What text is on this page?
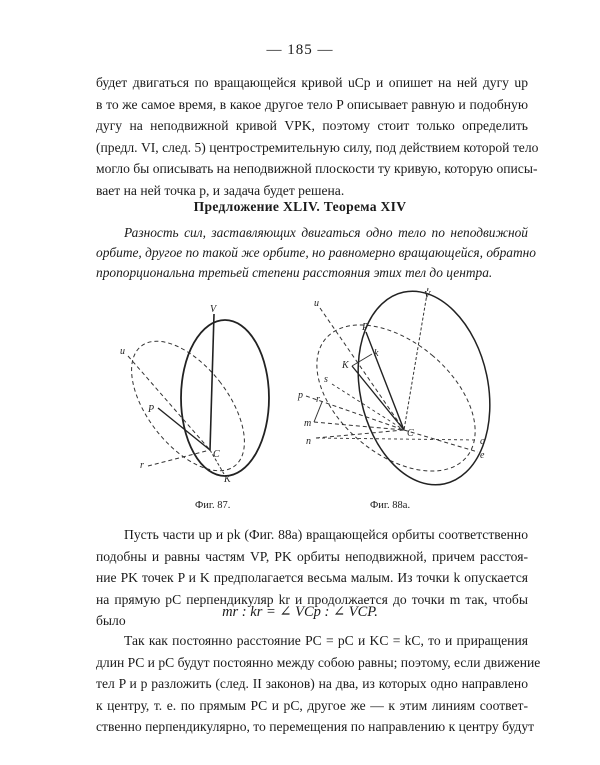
— 185 —
будет двигаться по вращающейся кривой uCp и опишет на ней дугу up
в то же самое время, в какое другое тело P описывает равную и подобную
дугу на неподвижной кривой VPK, поэтому стоит только определить
(предл. VI, след. 5) центростремительную силу, под действием которой тело
могло бы описывать на неподвижной плоскости ту кривую, которую описы-
вает на ней точка p, и задача будет решена.
Предложение XLIV. Теорема XIV
Разность сил, заставляющих двигаться одно тело по неподвижной
орбите, другое по такой же орбите, но равномерно вращающейся, обратно
пропорциональна третьей степени расстояния этих тел до центра.
V
u
P
C
r
K
Фиг. 87.
u
V
P
K
k
p
s
r
m
n
C
c
e
Фиг. 88a.
Пусть части up и pk (Фиг. 88a) вращающейся орбиты соответственно
подобны и равны частям VP, PK орбиты неподвижной, причем расстоя-
ние PK точек P и K предполагается весьма малым. Из точки k опускается
на прямую pC перпендикуляр kr и продолжается до точки m так, чтобы
было
mr : kr = ∠ VCp : ∠ VCP.
Так как постоянно расстояние PC = pC и KC = kC, то и приращения
длин PC и pC будут постоянно между собою равны; поэтому, если движение
тел P и p разложить (след. II законов) на два, из которых одно направлено
к центру, т. е. по прямым PC и pC, другое же — к этим линиям соответ-
ственно перпендикулярно, то перемещения по направлению к центру будут
